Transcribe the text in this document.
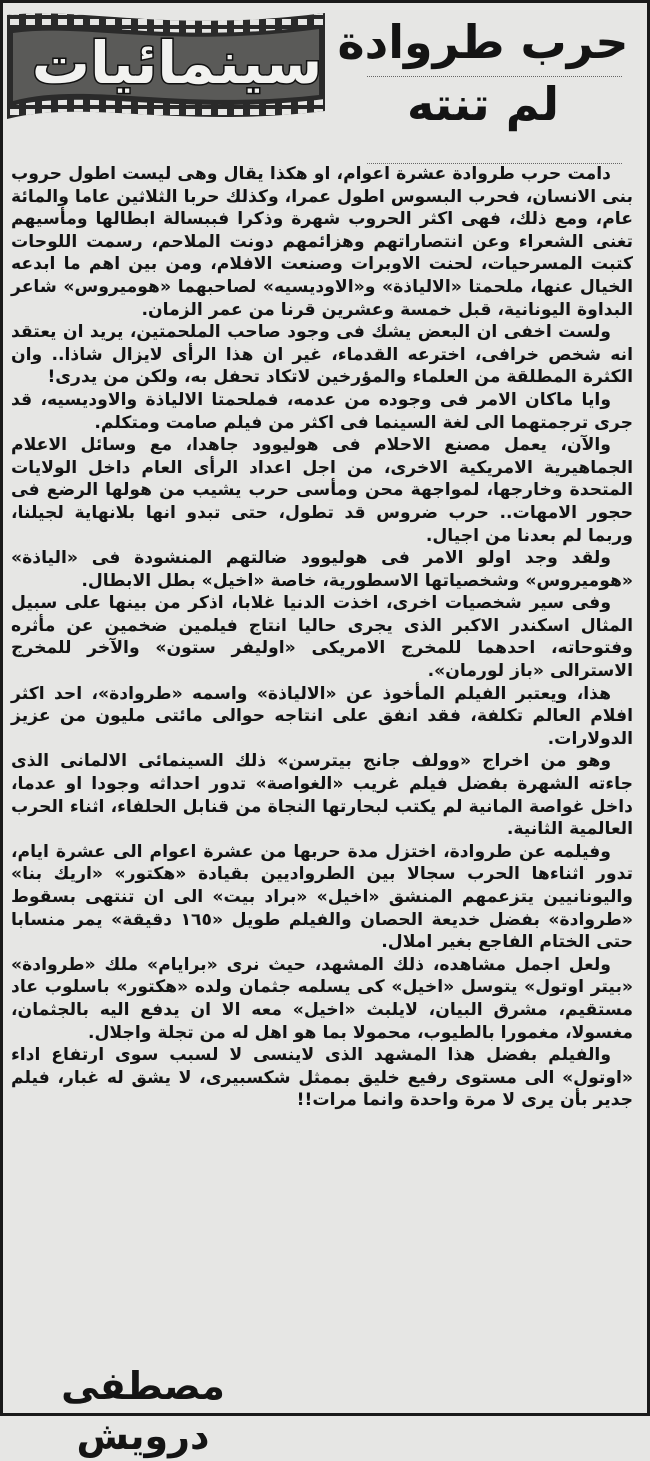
سينمائيات حرب طروادة
لم تنته

دامت حرب طروادة عشرة اعوام، او هكذا يقال وهى ليست اطول حروب بنى الانسان، فحرب البسوس اطول عمرا، وكذلك حربا الثلاثين عاما والمائة عام، ومع ذلك، فهى اكثر الحروب شهرة وذكرا فببسالة ابطالها ومأسيهم تغنى الشعراء وعن انتصاراتهم وهزائمهم دونت الملاحم، رسمت اللوحات كتبت المسرحيات، لحنت الاوبرات وصنعت الافلام، ومن بين اهم ما ابدعه الخيال عنها، ملحمتا «الالياذة» و«الاوديسيه» لصاحبهما «هوميروس» شاعر البداوة اليونانية، قبل خمسة وعشرين قرنا من عمر الزمان.

ولست اخفى ان البعض يشك فى وجود صاحب الملحمتين، يريد ان يعتقد انه شخص خرافى، اخترعه القدماء، غير ان هذا الرأى لايزال شاذا.. وان الكثرة المطلقة من العلماء والمؤرخين لاتكاد تحفل به، ولكن من يدرى!

وايا ماكان الامر فى وجوده من عدمه، فملحمتا الالياذة والاوديسيه، قد جرى ترجمتهما الى لغة السينما فى اكثر من فيلم صامت ومتكلم.

والآن، يعمل مصنع الاحلام فى هوليوود جاهدا، مع وسائل الاعلام الجماهيرية الامريكية الاخرى، من اجل اعداد الرأى العام داخل الولايات المتحدة وخارجها، لمواجهة محن ومأسى حرب يشيب من هولها الرضع فى حجور الامهات.. حرب ضروس قد تطول، حتى تبدو انها بلانهاية لجيلنا، وربما لم بعدنا من اجيال.

ولقد وجد اولو الامر فى هوليوود ضالتهم المنشودة فى «الياذة» «هوميروس» وشخصياتها الاسطورية، خاصة «اخيل» بطل الابطال.

وفى سير شخصيات اخرى، اخذت الدنيا غلابا، اذكر من بينها على سبيل المثال اسكندر الاكبر الذى يجرى حاليا انتاج فيلمين ضخمين عن مأثره وفتوحاته، احدهما للمخرج الامريكى «اوليفر ستون» والآخر للمخرج الاسترالى «باز لورمان».

هذا، ويعتبر الفيلم المأخوذ عن «الالياذة» واسمه «طروادة»، احد اكثر افلام العالم تكلفة، فقد انفق على انتاجه حوالى مائتى مليون من عزيز الدولارات.

وهو من اخراج «وولف جانج بيترسن» ذلك السينمائى الالمانى الذى جاءته الشهرة بفضل فيلم غريب «الغواصة» تدور احداثه وجودا او عدما، داخل غواصة المانية لم يكتب لبحارتها النجاة من قنابل الحلفاء، اثناء الحرب العالمية الثانية.

وفيلمه عن طروادة، اختزل مدة حربها من عشرة اعوام الى عشرة ايام، تدور اثناءها الحرب سجالا بين الطرواديين بقيادة «هكتور» «اريك بنا» واليونانيين يتزعمهم المنشق «اخيل» «براد بيت» الى ان تنتهى بسقوط «طروادة» بفضل خديعة الحصان والفيلم طويل «١٦٥ دقيقة» يمر منسابا حتى الختام الفاجع بغير املال.

ولعل اجمل مشاهده، ذلك المشهد، حيث نرى «برايام» ملك «طروادة» «بيتر اوتول» يتوسل «اخيل» كى يسلمه جثمان ولده «هكتور» باسلوب عاد مستقيم، مشرق البيان، لايلبث «اخيل» معه الا ان يدفع اليه بالجثمان، مغسولا، مغمورا بالطيوب، محمولا بما هو اهل له من تجلة واجلال.

والفيلم بفضل هذا المشهد الذى لاينسى لا لسبب سوى ارتفاع اداء «اوتول» الى مستوى رفيع خليق بممثل شكسبيرى، لا يشق له غبار، فيلم جدير بأن يرى لا مرة واحدة وانما مرات!!

مصطفى درويش
